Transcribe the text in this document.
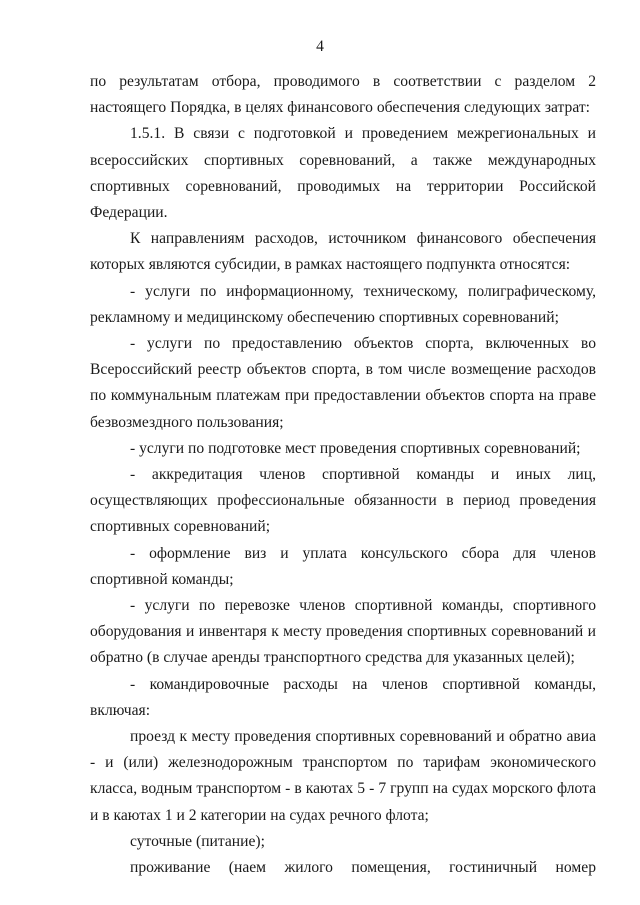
4

по результатам отбора, проводимого в соответствии с разделом 2 настоящего Порядка, в целях финансового обеспечения следующих затрат:

1.5.1. В связи с подготовкой и проведением межрегиональных и всероссийских спортивных соревнований, а также международных спортивных соревнований, проводимых на территории Российской Федерации.

К направлениям расходов, источником финансового обеспечения которых являются субсидии, в рамках настоящего подпункта относятся:

- услуги по информационному, техническому, полиграфическому, рекламному и медицинскому обеспечению спортивных соревнований;

- услуги по предоставлению объектов спорта, включенных во Всероссийский реестр объектов спорта, в том числе возмещение расходов по коммунальным платежам при предоставлении объектов спорта на праве безвозмездного пользования;

- услуги по подготовке мест проведения спортивных соревнований;

- аккредитация членов спортивной команды и иных лиц, осуществляющих профессиональные обязанности в период проведения спортивных соревнований;

- оформление виз и уплата консульского сбора для членов спортивной команды;

- услуги по перевозке членов спортивной команды, спортивного оборудования и инвентаря к месту проведения спортивных соревнований и обратно (в случае аренды транспортного средства для указанных целей);

- командировочные расходы на членов спортивной команды, включая:

проезд к месту проведения спортивных соревнований и обратно авиа - и (или) железнодорожным транспортом по тарифам экономического класса, водным транспортом - в каютах 5 - 7 групп на судах морского флота и в каютах 1 и 2 категории на судах речного флота;

суточные (питание);

проживание (наем жилого помещения, гостиничный номер
